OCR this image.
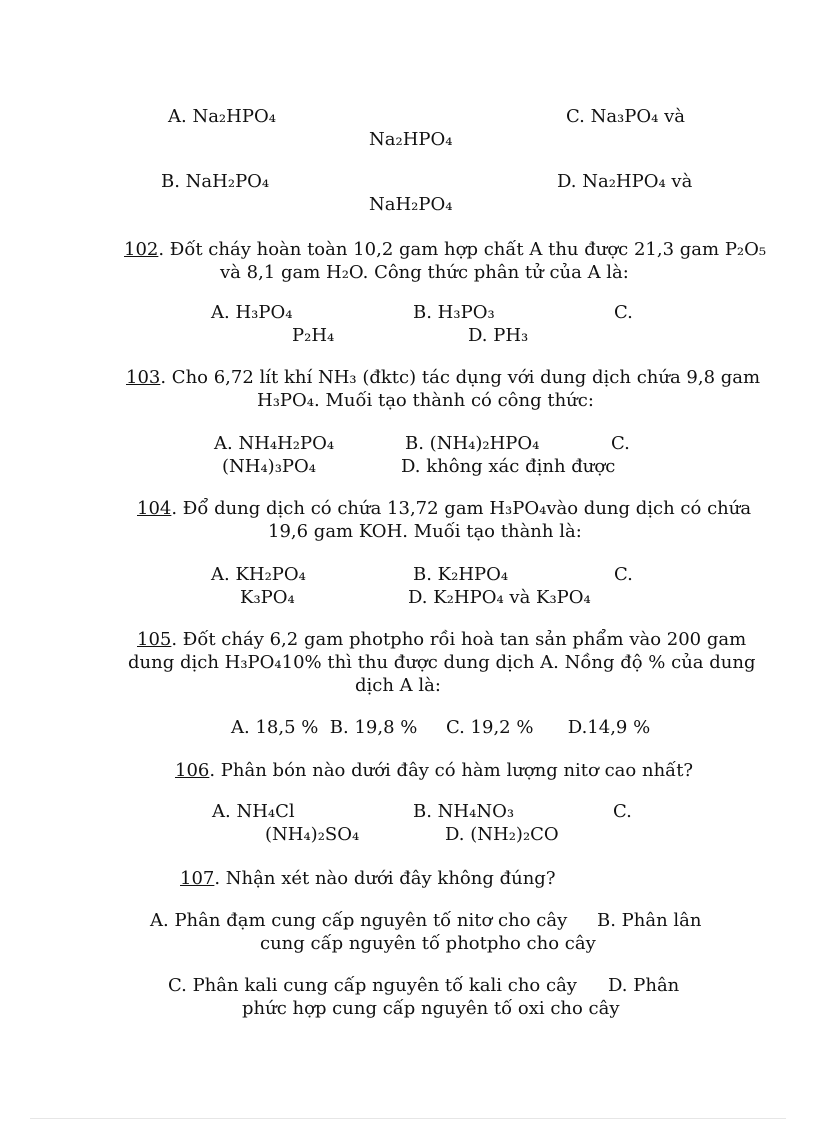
A. Na₂HPO₄	C. Na₃PO₄ và
Na₂HPO₄
B. NaH₂PO₄	D. Na₂HPO₄ và
NaH₂PO₄
102. Đốt cháy hoàn toàn 10,2 gam hợp chất A thu được 21,3 gam P₂O₅
và 8,1 gam H₂O. Công thức phân tử của A là:
A. H₃PO₄	B. H₃PO₃	C.
P₂H₄	D. PH₃
103. Cho 6,72 lít khí NH₃ (đktc) tác dụng với dung dịch chứa 9,8 gam
H₃PO₄. Muối tạo thành có công thức:
A. NH₄H₂PO₄	B. (NH₄)₂HPO₄	C.
(NH₄)₃PO₄	D. không xác định được
104. Đổ dung dịch có chứa 13,72 gam H₃PO₄vào dung dịch có chứa
19,6 gam KOH. Muối tạo thành là:
A. KH₂PO₄	B. K₂HPO₄	C.
K₃PO₄	D. K₂HPO₄ và K₃PO₄
105. Đốt cháy 6,2 gam photpho rồi hoà tan sản phẩm vào 200 gam
dung dịch H₃PO₄10% thì thu được dung dịch A. Nồng độ % của dung
dịch A là:
A. 18,5 %  B. 19,8 %     C. 19,2 %      D.14,9 %
106. Phân bón nào dưới đây có hàm lượng nitơ cao nhất?
A. NH₄Cl	B. NH₄NO₃	C.
(NH₄)₂SO₄	D. (NH₂)₂CO
107. Nhận xét nào dưới đây không đúng?
A. Phân đạm cung cấp nguyên tố nitơ cho cây B. Phân lân
cung cấp nguyên tố photpho cho cây
C. Phân kali cung cấp nguyên tố kali cho cây D. Phân
phức hợp cung cấp nguyên tố oxi cho cây
